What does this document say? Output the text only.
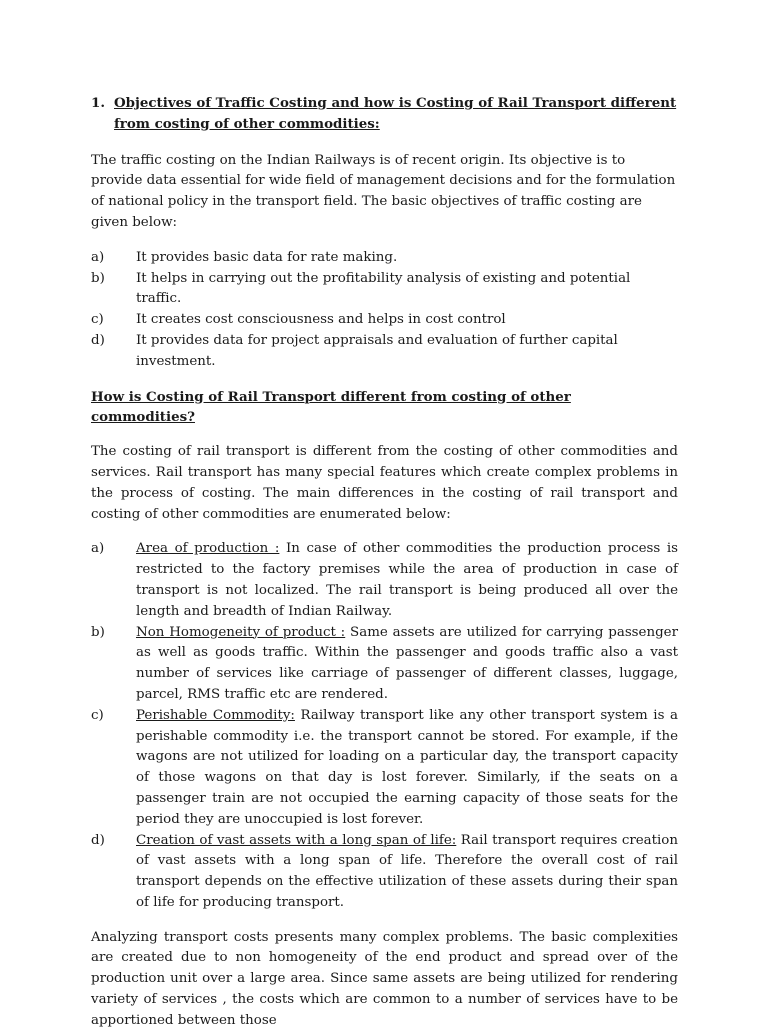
1. Objectives of Traffic Costing and how is Costing of Rail Transport different from costing of other commodities:

The traffic costing on the Indian Railways is of recent origin. Its objective is to provide data essential for wide field of management decisions and for the formulation of national policy in the transport field. The basic objectives of traffic costing are given below:

a)	It provides basic data for rate making.
b)	It helps in carrying out the profitability analysis of existing and potential traffic.
c)	It creates cost consciousness and helps in cost control
d)	It provides data for project appraisals and evaluation of further capital investment.
How is Costing of Rail Transport different from costing of other commodities?

The costing of rail transport is different from the costing of other commodities and services. Rail transport has many special features which create complex problems in the process of costing. The main differences in the costing of rail transport and costing of other commodities are enumerated below:

a)	Area of production : In case of other commodities the production process is restricted to the factory premises while the area of production in case of transport is not localized. The rail transport is being produced all over the length and breadth of Indian Railway.
b)	Non Homogeneity of product : Same assets are utilized for carrying passenger as well as goods traffic. Within the passenger and goods traffic also a vast number of services like carriage of passenger of different classes, luggage, parcel, RMS traffic etc are rendered.
c)	Perishable Commodity: Railway transport like any other transport system is a perishable commodity i.e. the transport cannot be stored. For example, if the wagons are not utilized for loading on a particular day, the transport capacity of those wagons on that day is lost forever. Similarly, if the seats on a passenger train are not occupied the earning capacity of those seats for the period they are unoccupied is lost forever.
d)	Creation of vast assets with a long span of life: Rail transport requires creation of vast assets with a long span of life. Therefore the overall cost of rail transport depends on the effective utilization of these assets during their span of life for producing transport.

Analyzing transport costs presents many complex problems. The basic complexities are created due to non homogeneity of the end product and spread over of the production unit over a large area. Since same assets are being utilized for rendering variety of services , the costs which are common to a number of services have to be apportioned between those
